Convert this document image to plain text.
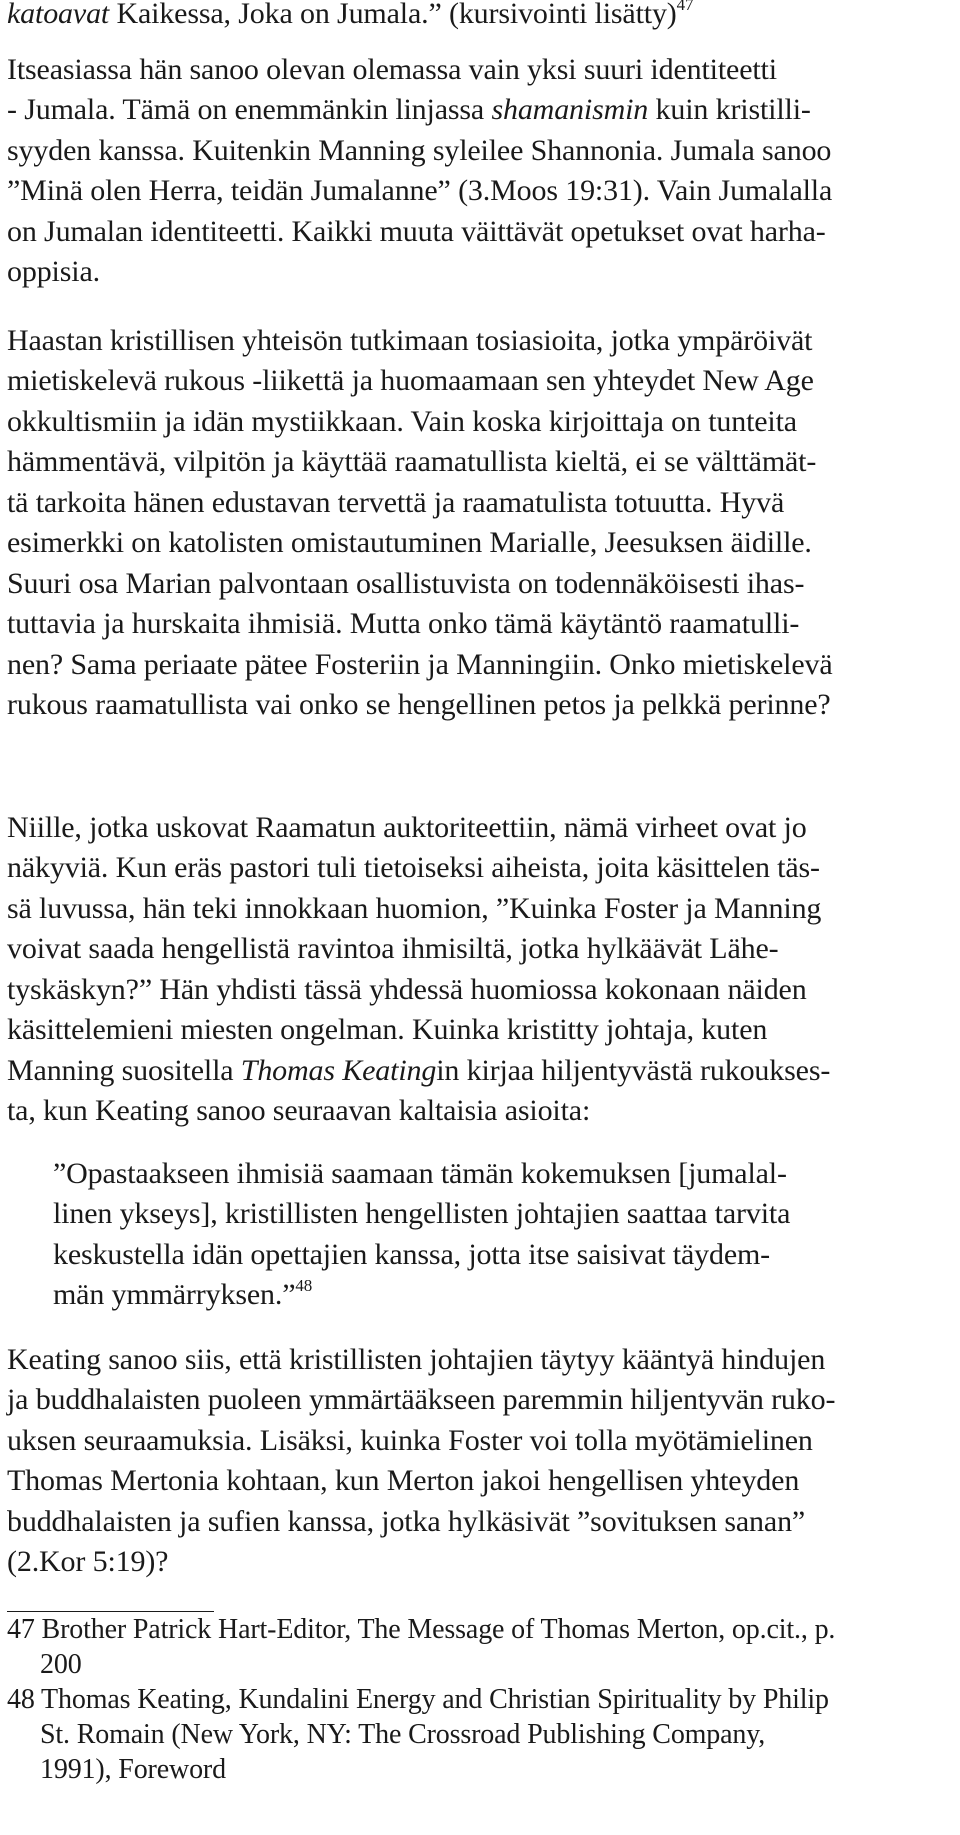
katoavat Kaikessa, Joka on Jumala.” (kursivointi lisätty)$^{47}$

Itseasiassa hän sanoo olevan olemassa vain yksi suuri identiteetti
- Jumala. Tämä on enemmänkin linjassa shamanismin kuin kristilli-
syyden kanssa. Kuitenkin Manning syleilee Shannonia. Jumala sanoo
”Minä olen Herra, teidän Jumalanne” (3.Moos 19:31). Vain Jumalalla
on Jumalan identiteetti. Kaikki muuta väittävät opetukset ovat harha-
oppisia.

Haastan kristillisen yhteisön tutkimaan tosiasioita, jotka ympäröivät
mietiskelevä rukous -liikettä ja huomaamaan sen yhteydet New Age
okkultismiin ja idän mystiikkaan. Vain koska kirjoittaja on tunteita
hämmentävä, vilpitön ja käyttää raamatullista kieltä, ei se välttämät-
tä tarkoita hänen edustavan tervettä ja raamatulista totuutta. Hyvä
esimerkki on katolisten omistautuminen Marialle, Jeesuksen äidille.
Suuri osa Marian palvontaan osallistuvista on todennäköisesti ihas-
tuttavia ja hurskaita ihmisiä. Mutta onko tämä käytäntö raamatulli-
nen? Sama periaate pätee Fosteriin ja Manningiin. Onko mietiskelevä
rukous raamatullista vai onko se hengellinen petos ja pelkkä perinne?

Niille, jotka uskovat Raamatun auktoriteettiin, nämä virheet ovat jo
näkyviä. Kun eräs pastori tuli tietoiseksi aiheista, joita käsittelen täs-
sä luvussa, hän teki innokkaan huomion, ”Kuinka Foster ja Manning
voivat saada hengellistä ravintoa ihmisiltä, jotka hylkäävät Lähe-
tyskäskyn?” Hän yhdisti tässä yhdessä huomiossa kokonaan näiden
käsittelemieni miesten ongelman. Kuinka kristitty johtaja, kuten
Manning suositella Thomas Keatingin kirjaa hiljentyvästä rukoukses-
ta, kun Keating sanoo seuraavan kaltaisia asioita:

”Opastaakseen ihmisiä saamaan tämän kokemuksen [jumalal-
linen ykseys], kristillisten hengellisten johtajien saattaa tarvita
keskustella idän opettajien kanssa, jotta itse saisivat täydem-
män ymmärryksen.”$^{48}$

Keating sanoo siis, että kristillisten johtajien täytyy kääntyä hindujen
ja buddhalaisten puoleen ymmärtääkseen paremmin hiljentyvän ruko-
uksen seuraamuksia. Lisäksi, kuinka Foster voi tolla myötämielinen
Thomas Mertonia kohtaan, kun Merton jakoi hengellisen yhteyden
buddhalaisten ja sufien kanssa, jotka hylkäsivät ”sovituksen sanan”
(2.Kor 5:19)?

47 Brother Patrick Hart-Editor, The Message of Thomas Merton, op.cit., p.
200
48 Thomas Keating, Kundalini Energy and Christian Spirituality by Philip
St. Romain (New York, NY: The Crossroad Publishing Company,
1991), Foreword
